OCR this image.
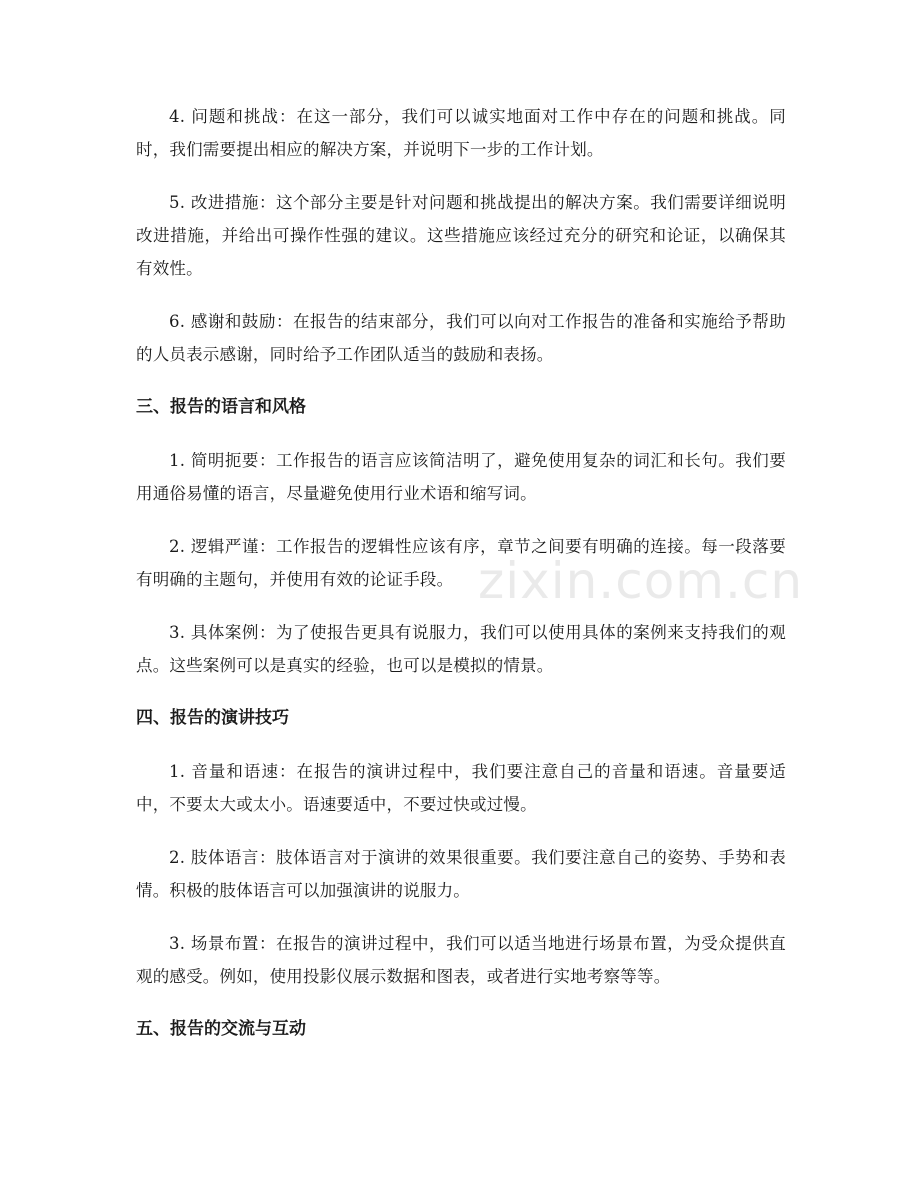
4. 问题和挑战：在这一部分，我们可以诚实地面对工作中存在的问题和挑战。同时，我们需要提出相应的解决方案，并说明下一步的工作计划。

5. 改进措施：这个部分主要是针对问题和挑战提出的解决方案。我们需要详细说明改进措施，并给出可操作性强的建议。这些措施应该经过充分的研究和论证，以确保其有效性。

6. 感谢和鼓励：在报告的结束部分，我们可以向对工作报告的准备和实施给予帮助的人员表示感谢，同时给予工作团队适当的鼓励和表扬。

三、报告的语言和风格

1. 简明扼要：工作报告的语言应该简洁明了，避免使用复杂的词汇和长句。我们要用通俗易懂的语言，尽量避免使用行业术语和缩写词。

2. 逻辑严谨：工作报告的逻辑性应该有序，章节之间要有明确的连接。每一段落要有明确的主题句，并使用有效的论证手段。

3. 具体案例：为了使报告更具有说服力，我们可以使用具体的案例来支持我们的观点。这些案例可以是真实的经验，也可以是模拟的情景。

四、报告的演讲技巧

1. 音量和语速：在报告的演讲过程中，我们要注意自己的音量和语速。音量要适中，不要太大或太小。语速要适中，不要过快或过慢。

2. 肢体语言：肢体语言对于演讲的效果很重要。我们要注意自己的姿势、手势和表情。积极的肢体语言可以加强演讲的说服力。

3. 场景布置：在报告的演讲过程中，我们可以适当地进行场景布置，为受众提供直观的感受。例如，使用投影仪展示数据和图表，或者进行实地考察等等。

五、报告的交流与互动
zixin.com.cn
